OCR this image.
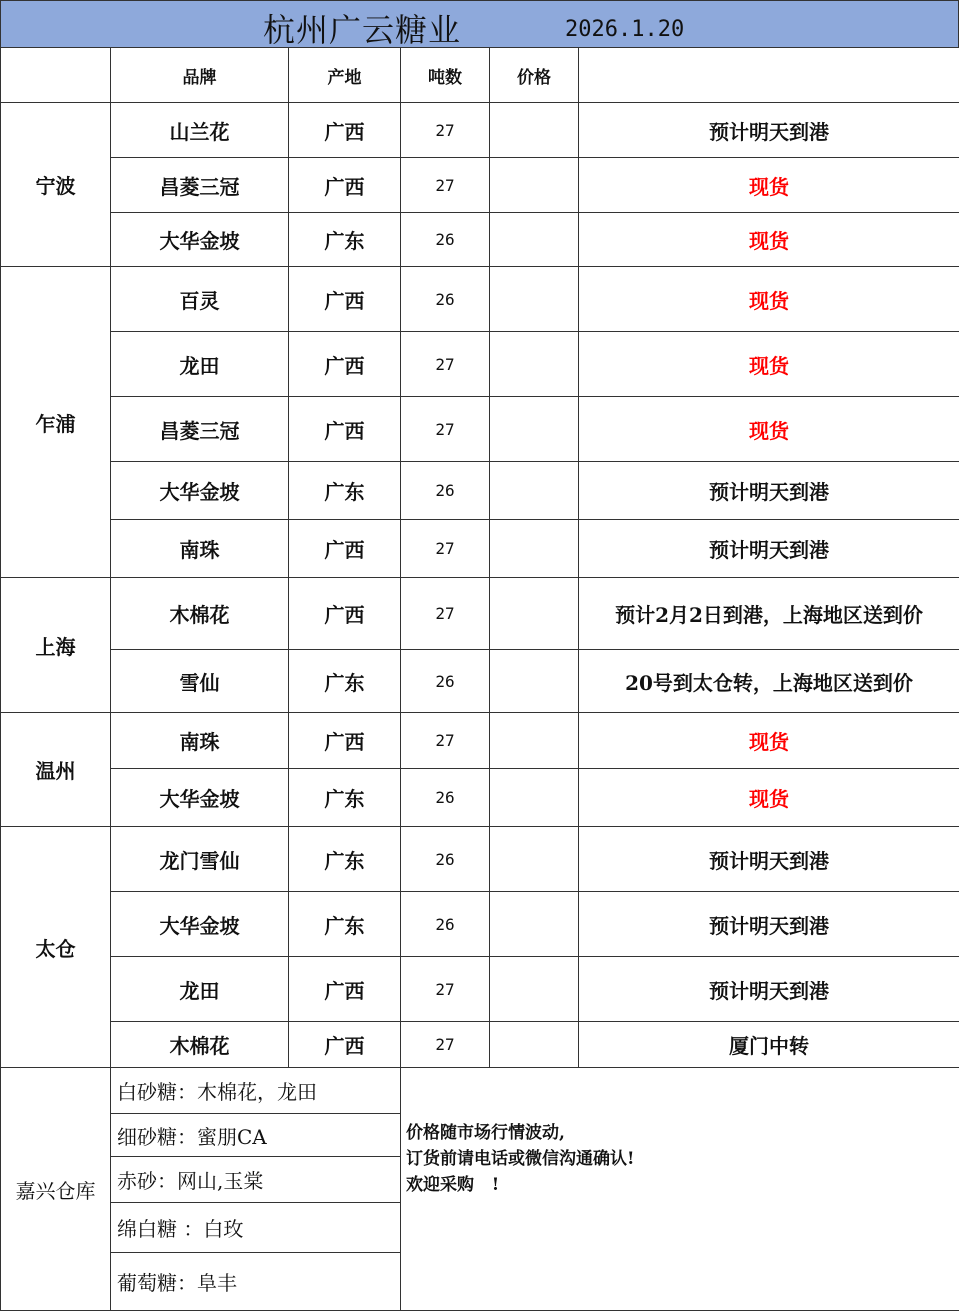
杭州广云糖业	2026.1.20
	品牌	产地	吨数	价格	
宁波	山兰花	广西	27		预计明天到港
	昌菱三冠	广西	27		现货
	大华金坡	广东	26		现货
乍浦	百灵	广西	26		现货
	龙田	广西	27		现货
	昌菱三冠	广西	27		现货
	大华金坡	广东	26		预计明天到港
	南珠	广西	27		预计明天到港
上海	木棉花	广西	27		预计2月2日到港，上海地区送到价
	雪仙	广东	26		20号到太仓转，上海地区送到价
温州	南珠	广西	27		现货
	大华金坡	广东	26		现货
太仓	龙门雪仙	广东	26		预计明天到港
	大华金坡	广东	26		预计明天到港
	龙田	广西	27		预计明天到港
	木棉花	广西	27		厦门中转
嘉兴仓库	白砂糖：木棉花，龙田		价格随市场行情波动,
订货前请电话或微信沟通确认!
欢迎采购   !		

	细砂糖：蜜朋CA				
	赤砂：网山,玉棠				
	绵白糖 ：白玫				
	葡萄糖：阜丰				
